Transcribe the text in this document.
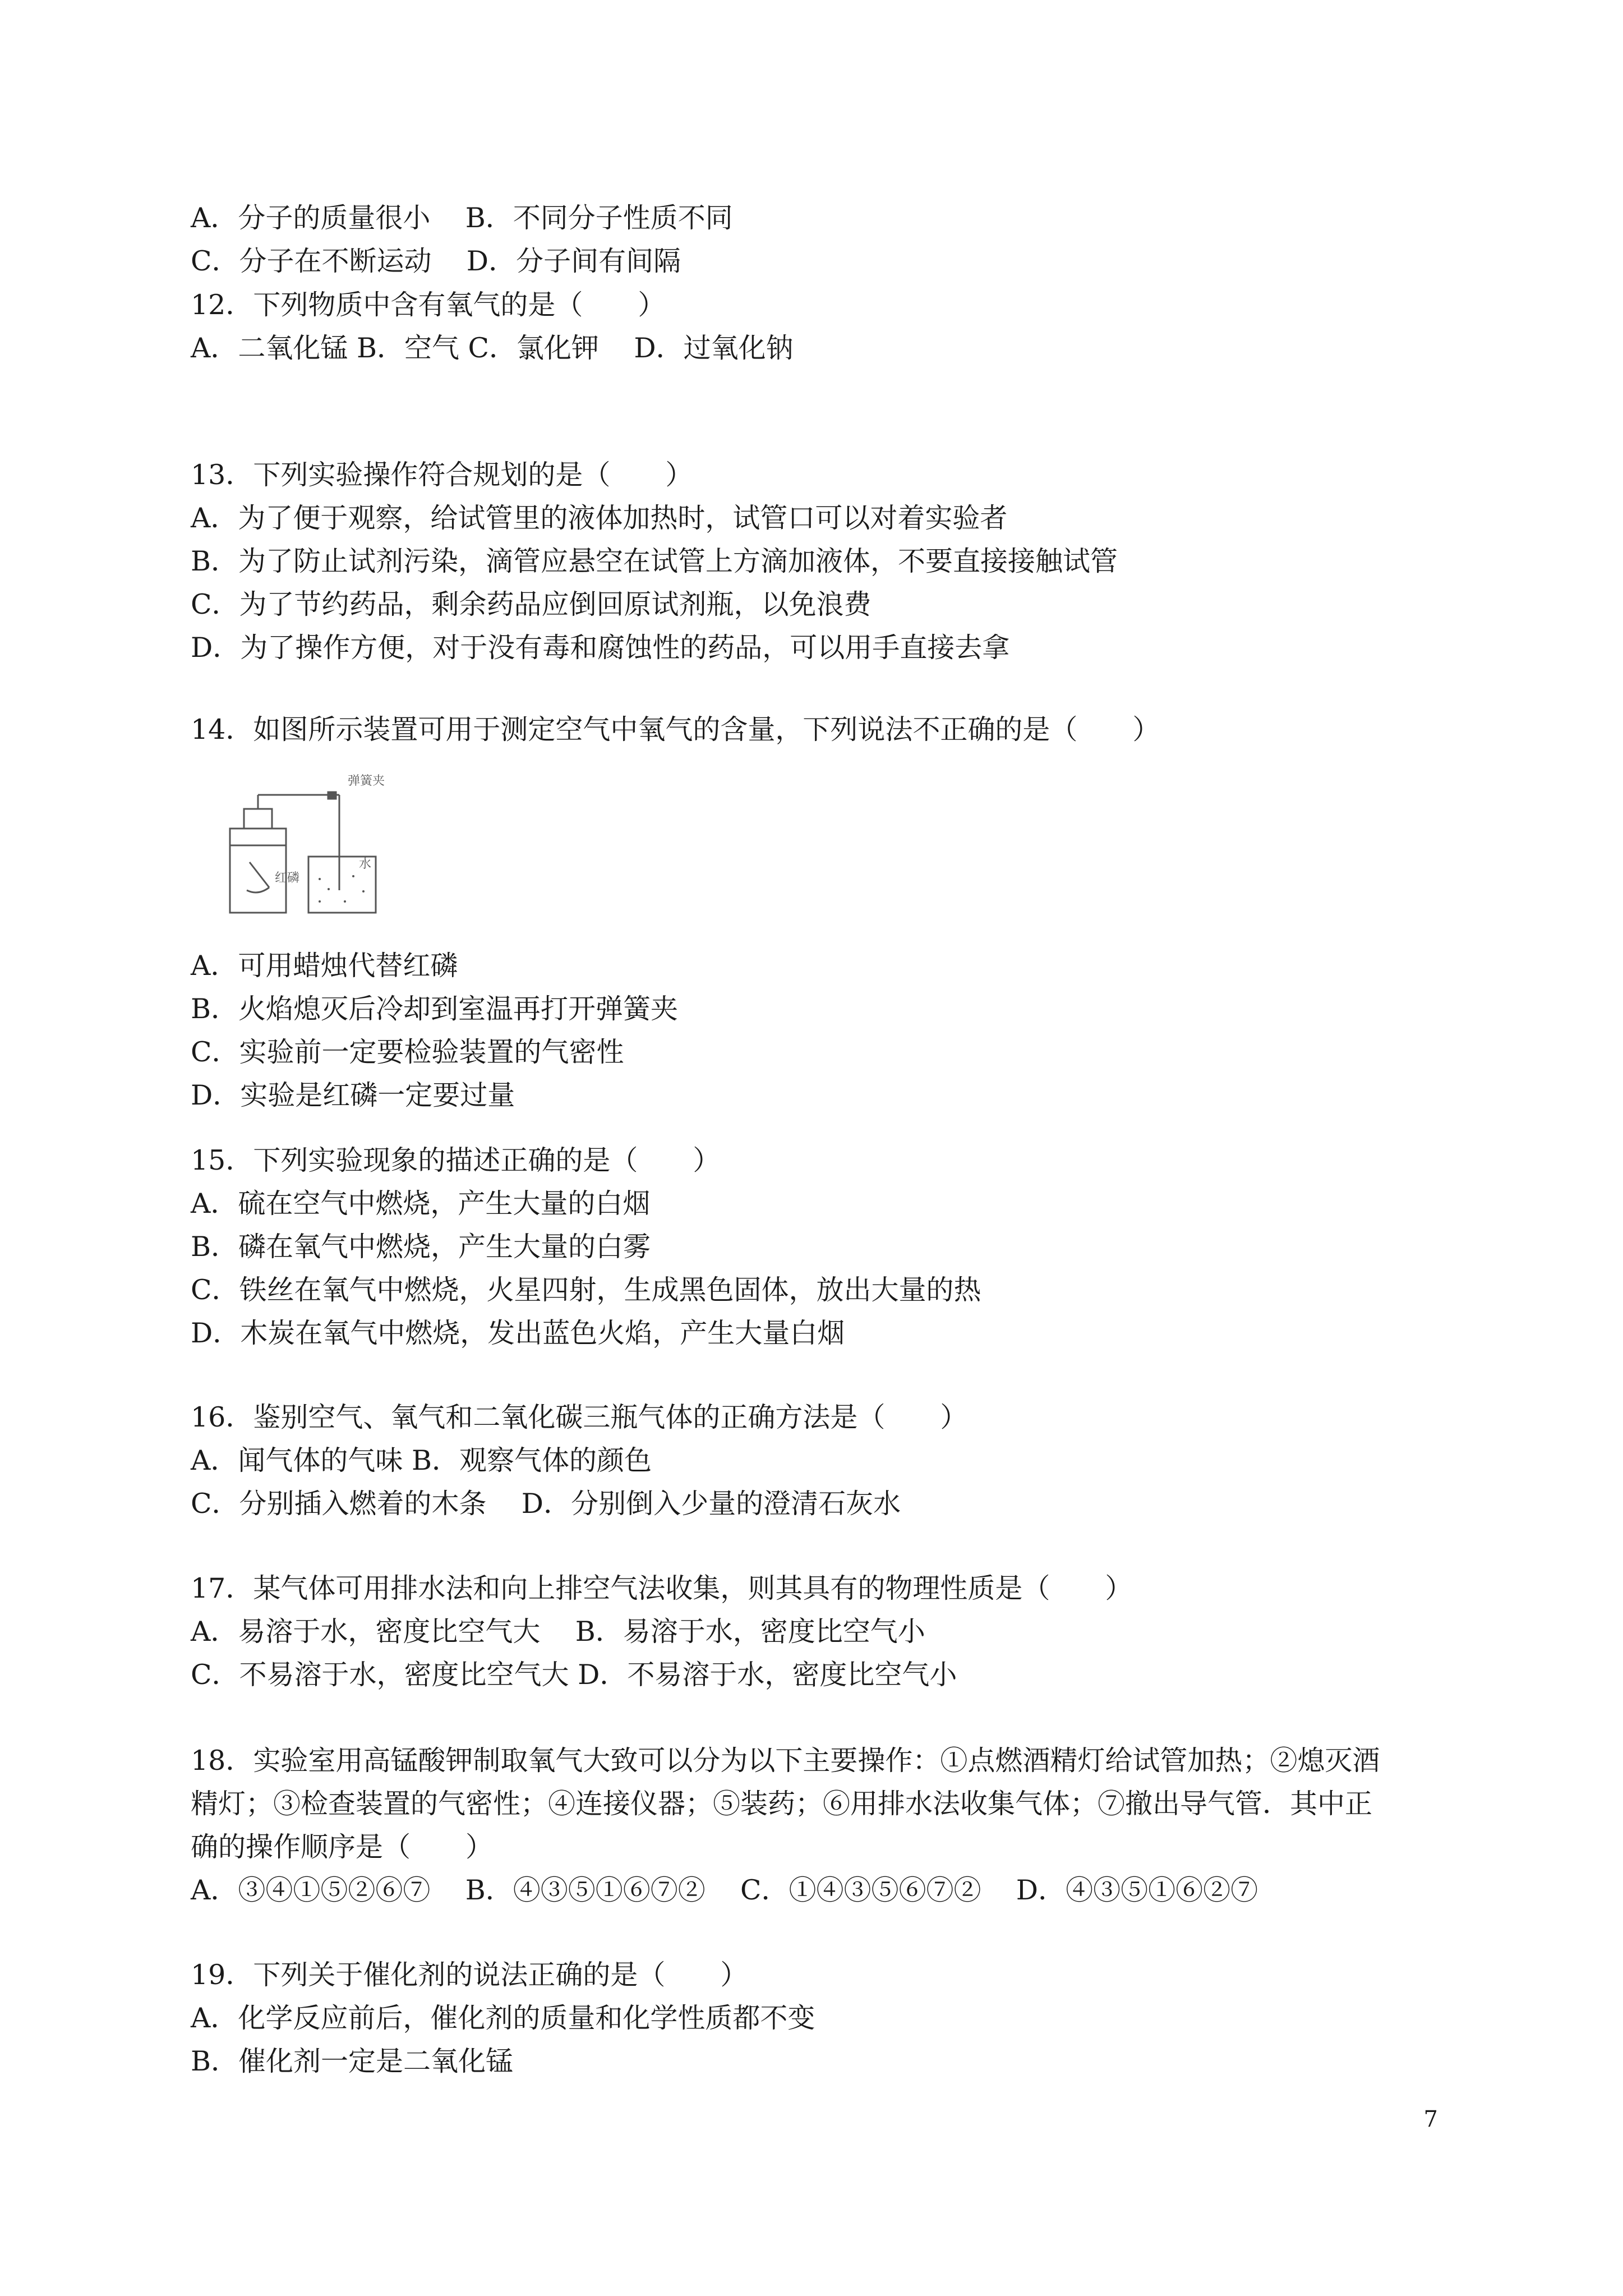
A．分子的质量很小    B．不同分子性质不同
C．分子在不断运动    D．分子间有间隔
12．下列物质中含有氧气的是（　　）
A．二氧化锰 B．空气 C．氯化钾    D．过氧化钠
13．下列实验操作符合规划的是（　　）
A．为了便于观察，给试管里的液体加热时，试管口可以对着实验者
B．为了防止试剂污染，滴管应悬空在试管上方滴加液体，不要直接接触试管
C．为了节约药品，剩余药品应倒回原试剂瓶，以免浪费
D．为了操作方便，对于没有毒和腐蚀性的药品，可以用手直接去拿
14．如图所示装置可用于测定空气中氧气的含量，下列说法不正确的是（　　）
弹簧夹
红磷
水
A．可用蜡烛代替红磷
B．火焰熄灭后冷却到室温再打开弹簧夹
C．实验前一定要检验装置的气密性
D．实验是红磷一定要过量
15．下列实验现象的描述正确的是（　　）
A．硫在空气中燃烧，产生大量的白烟
B．磷在氧气中燃烧，产生大量的白雾
C．铁丝在氧气中燃烧，火星四射，生成黑色固体，放出大量的热
D．木炭在氧气中燃烧，发出蓝色火焰，产生大量白烟
16．鉴别空气、氧气和二氧化碳三瓶气体的正确方法是（　　）
A．闻气体的气味 B．观察气体的颜色
C．分别插入燃着的木条    D．分别倒入少量的澄清石灰水
17．某气体可用排水法和向上排空气法收集，则其具有的物理性质是（　　）
A．易溶于水，密度比空气大    B．易溶于水，密度比空气小
C．不易溶于水，密度比空气大 D．不易溶于水，密度比空气小
18．实验室用高锰酸钾制取氧气大致可以分为以下主要操作：①点燃酒精灯给试管加热；②熄灭酒
精灯；③检查装置的气密性；④连接仪器；⑤装药；⑥用排水法收集气体；⑦撤出导气管．其中正
确的操作顺序是（　　）
A．③④①⑤②⑥⑦    B．④③⑤①⑥⑦②    C．①④③⑤⑥⑦②    D．④③⑤①⑥②⑦
19．下列关于催化剂的说法正确的是（　　）
A．化学反应前后，催化剂的质量和化学性质都不变
B．催化剂一定是二氧化锰
7
